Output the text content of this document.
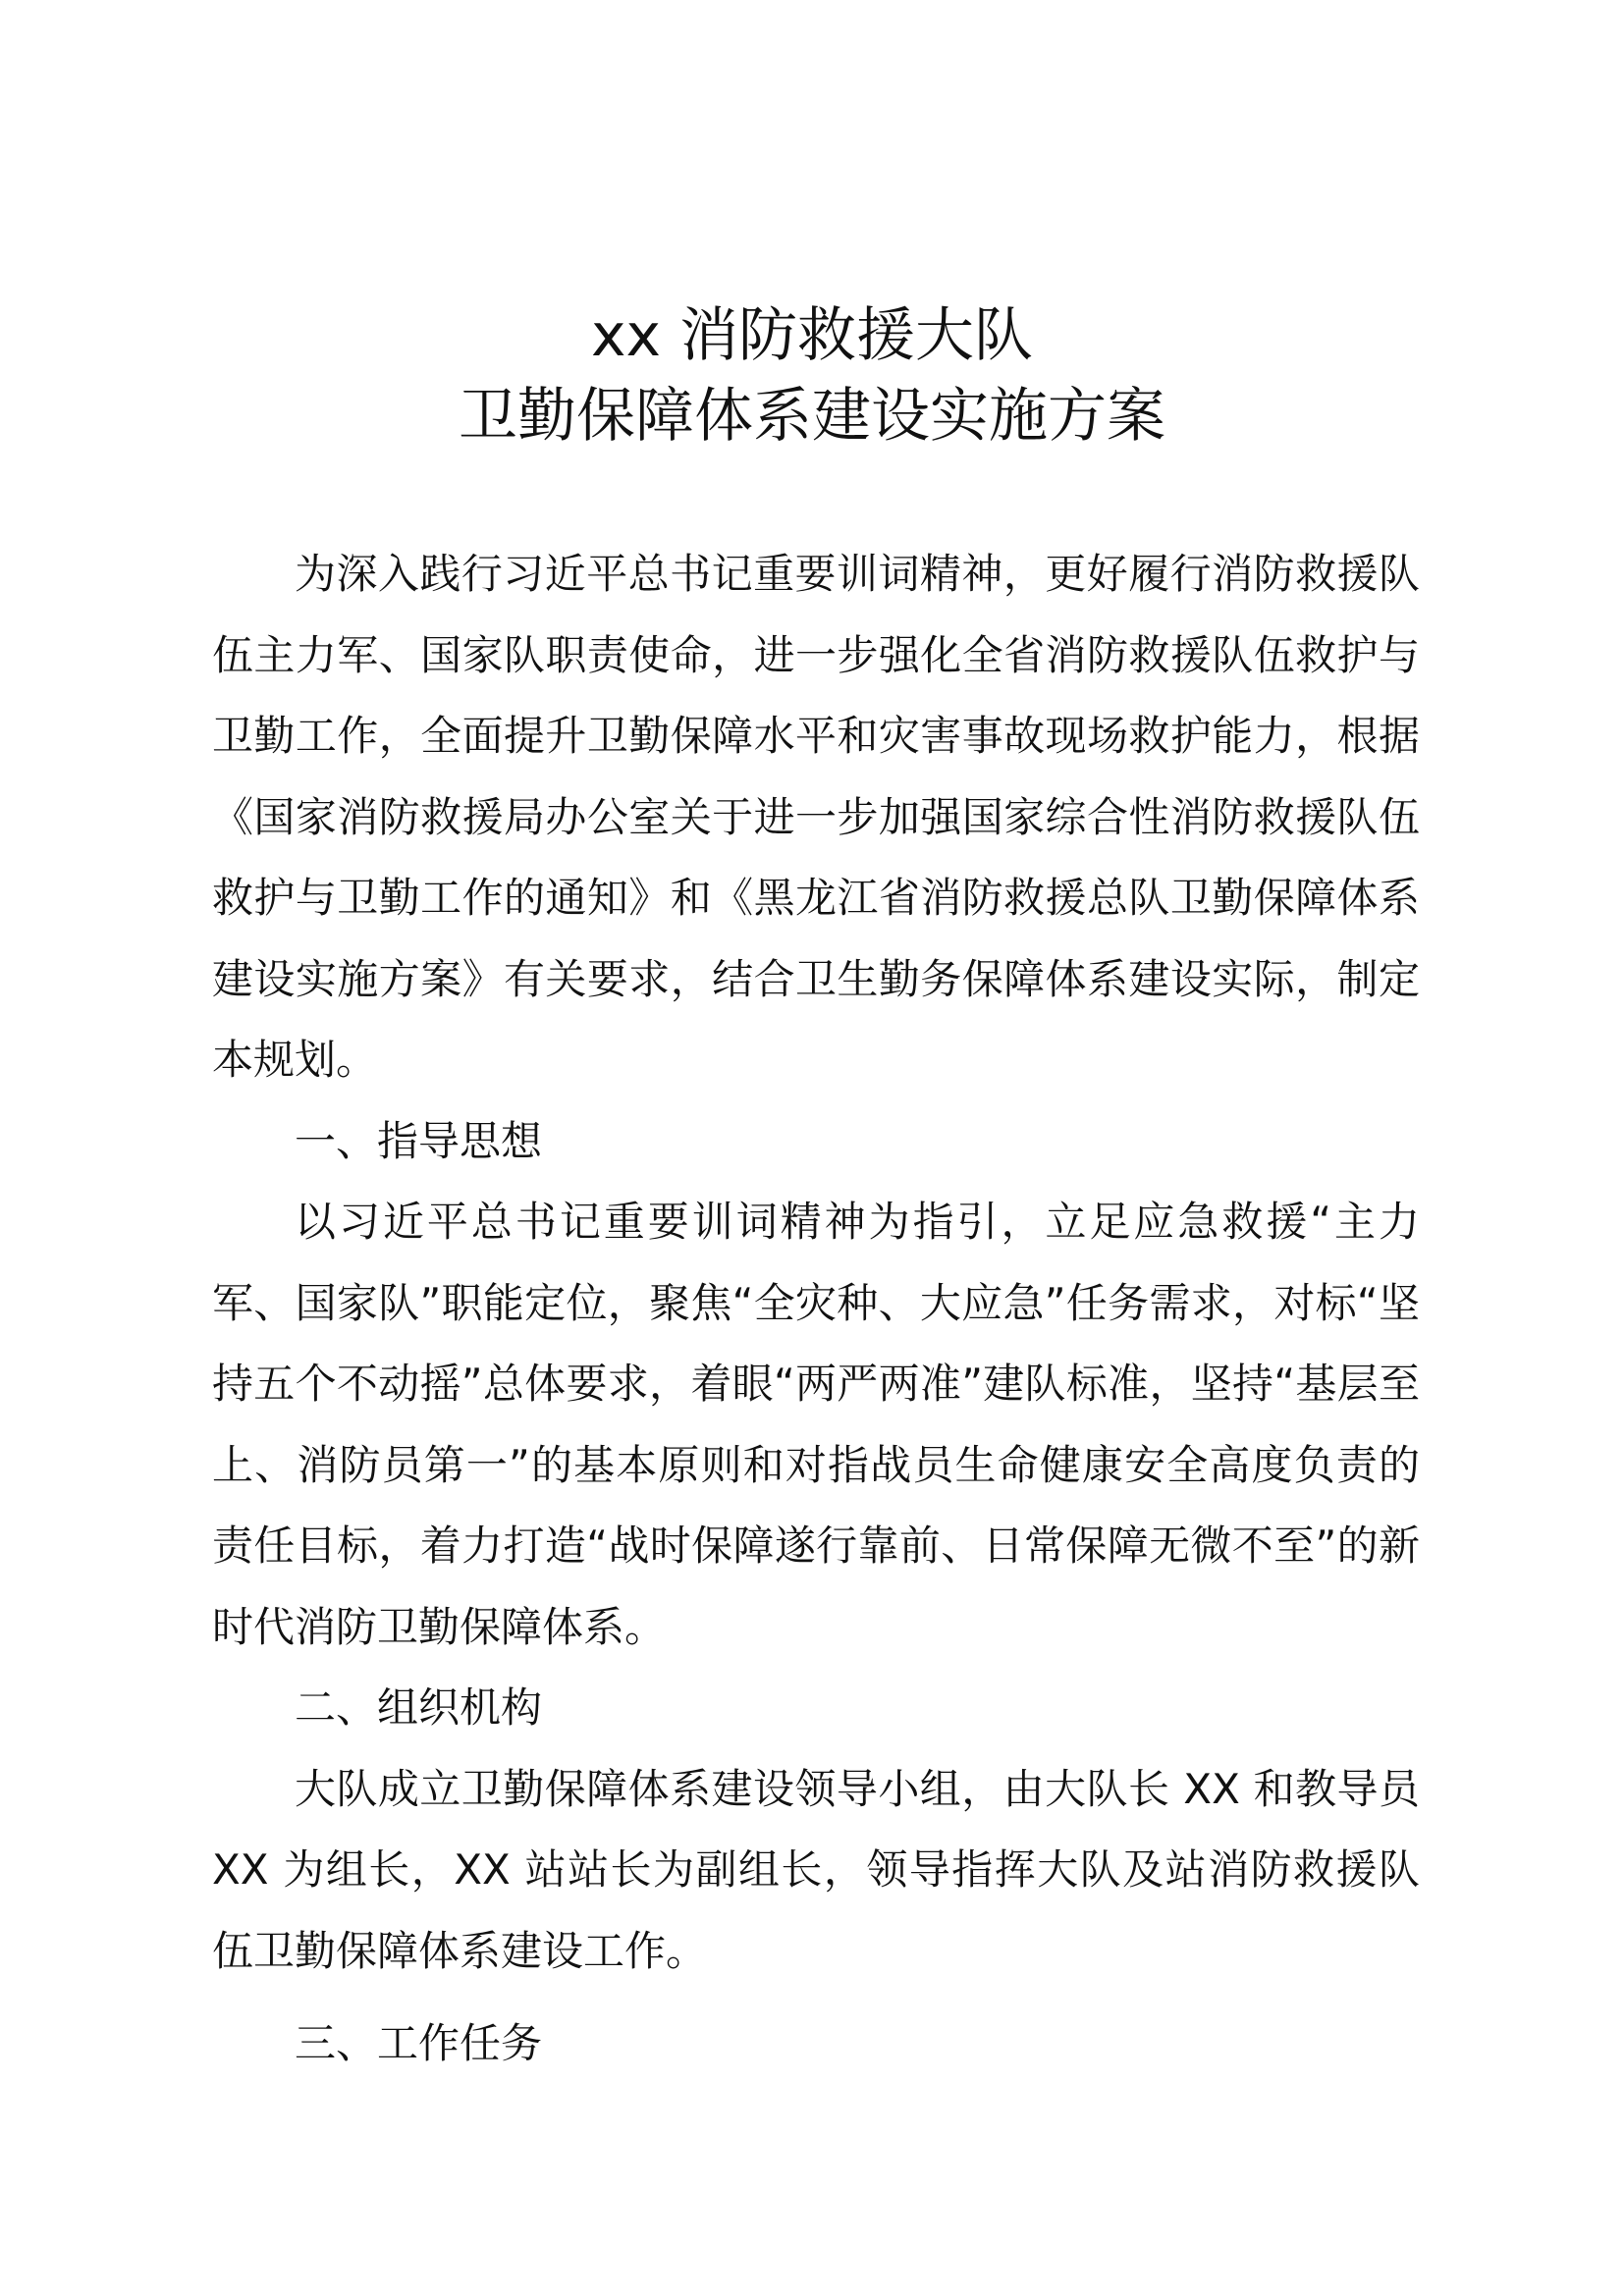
xx 消防救援大队
卫勤保障体系建设实施方案

为深入践行习近平总书记重要训词精神，更好履行消防救援队伍主力军、国家队职责使命，进一步强化全省消防救援队伍救护与卫勤工作，全面提升卫勤保障水平和灾害事故现场救护能力，根据《国家消防救援局办公室关于进一步加强国家综合性消防救援队伍救护与卫勤工作的通知》和《黑龙江省消防救援总队卫勤保障体系建设实施方案》有关要求，结合卫生勤务保障体系建设实际，制定本规划。

一、指导思想

以习近平总书记重要训词精神为指引，立足应急救援“主力军、国家队”职能定位，聚焦“全灾种、大应急”任务需求，对标“坚持五个不动摇”总体要求，着眼“两严两准”建队标准，坚持“基层至上、消防员第一”的基本原则和对指战员生命健康安全高度负责的责任目标，着力打造“战时保障遂行靠前、日常保障无微不至”的新时代消防卫勤保障体系。

二、组织机构

大队成立卫勤保障体系建设领导小组，由大队长 XX 和教导员 XX 为组长，XX 站站长为副组长，领导指挥大队及站消防救援队伍卫勤保障体系建设工作。

三、工作任务
